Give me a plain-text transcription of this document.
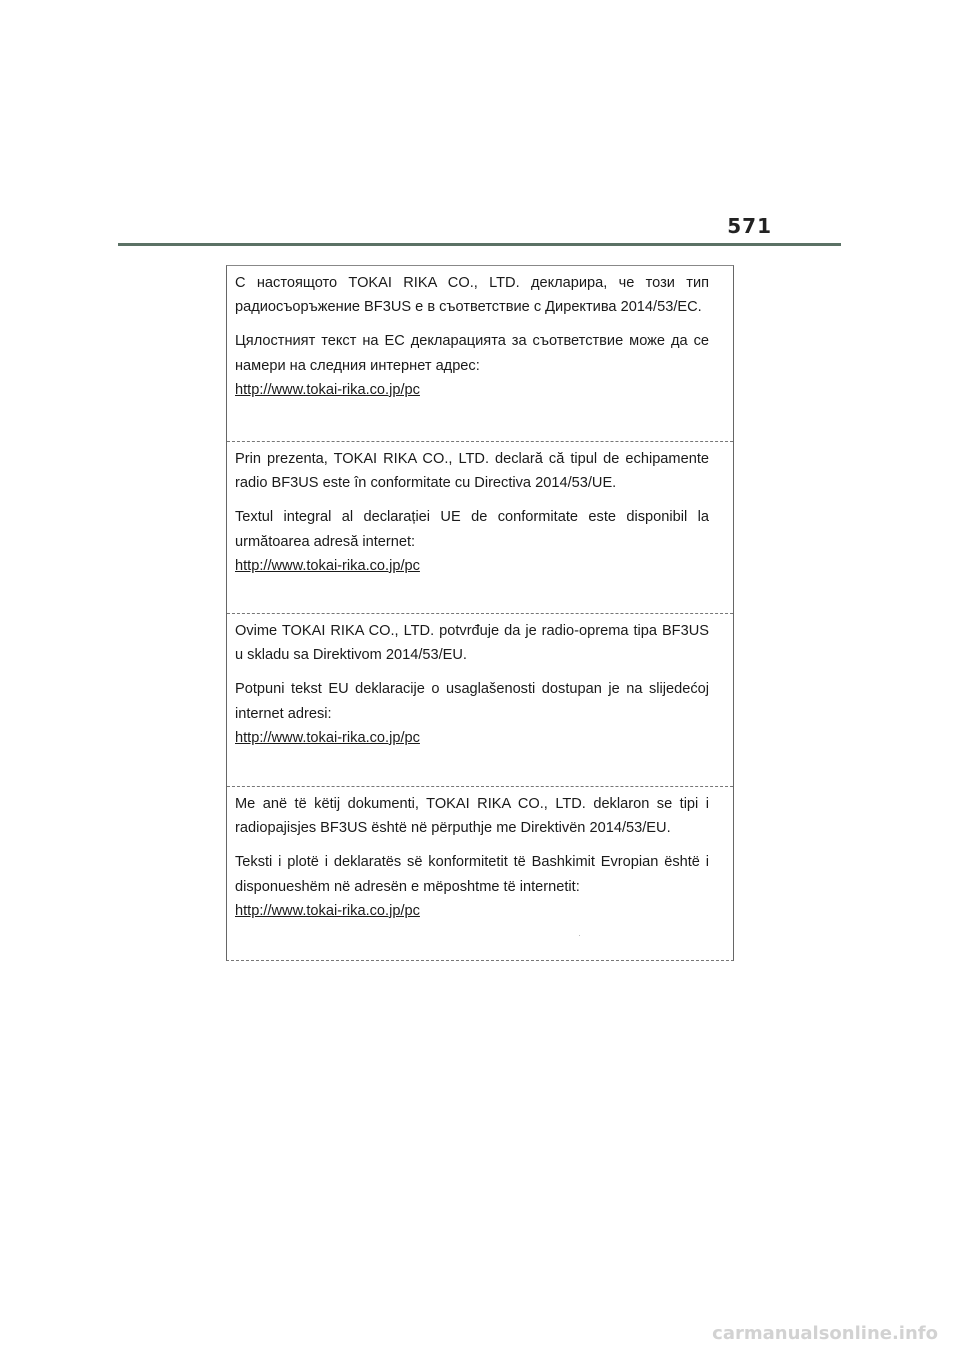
571

С настоящото TOKAI RIKA CO., LTD. декларира, че този тип радиосъоръжение BF3US е в съответствие с Директива 2014/53/EC.

Цялостният текст на EC декларацията за съответствие може да се намери на следния интернет адрес:
http://www.tokai-rika.co.jp/pc

Prin prezenta, TOKAI RIKA CO., LTD. declară că tipul de echipamente radio BF3US este în conformitate cu Directiva 2014/53/UE.

Textul integral al declarației UE de conformitate este disponibil la următoarea adresă internet:
http://www.tokai-rika.co.jp/pc

Ovime TOKAI RIKA CO., LTD. potvrđuje da je radio-oprema tipa BF3US u skladu sa Direktivom 2014/53/EU.

Potpuni tekst EU deklaracije o usaglašenosti dostupan je na slijedećoj internet adresi:
http://www.tokai-rika.co.jp/pc

Me anë të këtij dokumenti, TOKAI RIKA CO., LTD. deklaron se tipi i radiopajisjes BF3US është në përputhje me Direktivën 2014/53/EU.

Teksti i plotë i deklaratës së konformitetit të Bashkimit Evropian është i disponueshëm në adresën e mëposhtme të internetit:
http://www.tokai-rika.co.jp/pc

carmanualsonline.info
